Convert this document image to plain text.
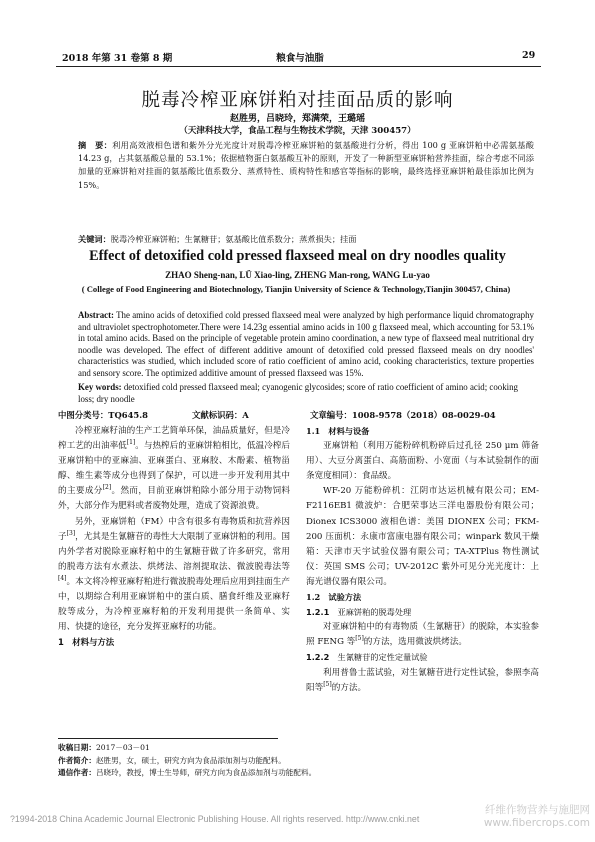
2018 年第 31 卷第 8 期	粮食与油脂	29
脱毒冷榨亚麻饼粕对挂面品质的影响
赵胜男，吕晓玲，郑满荣，王璐瑶
（天津科技大学，食品工程与生物技术学院，天津 300457）
摘　要：利用高效液相色谱和紫外分光光度计对脱毒冷榨亚麻饼粕的氨基酸进行分析，得出 100 g 亚麻饼粕中必需氨基酸 14.23 g，占其氨基酸总量的 53.1%；依据植物蛋白氨基酸互补的原则，开发了一种新型亚麻饼粕营养挂面，综合考虑不同添加量的亚麻饼粕对挂面的氨基酸比值系数分、蒸煮特性、质构特性和感官等指标的影响，最终选择亚麻饼粕最佳添加比例为 15%。
关键词：脱毒冷榨亚麻饼粕；生氰糖苷；氨基酸比值系数分；蒸煮损失；挂面
Effect of detoxified cold pressed flaxseed meal on dry noodles quality
ZHAO Sheng-nan, LÜ Xiao-ling, ZHENG Man-rong, WANG Lu-yao
( College of Food Engineering and Biotechnology, Tianjin University of Science & Technology,Tianjin 300457, China)
Abstract: The amino acids of detoxified cold pressed flaxseed meal were analyzed by high performance liquid chromatography and ultraviolet spectrophotometer.There were 14.23g essential amino acids in 100 g flaxseed meal, which accounting for 53.1% in total amino acids. Based on the principle of vegetable protein amino coordination, a new type of flaxseed meal nutritional dry noodle was developed. The effect of different additive amount of detoxified cold pressed flaxseed meals on dry noodles' characteristics was studied, which included score of ratio coefficient of amino acid, cooking characteristics, texture properties and sensory score. The optimized additive amount of pressed flaxseed was 15%.
Key words: detoxified cold pressed flaxseed meal; cyanogenic glycosides; score of ratio coefficient of amino acid; cooking loss; dry noodle
中图分类号：TQ645.8	文献标识码：A	文章编号：1008-9578（2018）08-0029-04

冷榨亚麻籽油的生产工艺简单环保，油品质量好，但是冷榨工艺的出油率低[1]。与热榨后的亚麻饼粕相比，低温冷榨后亚麻饼粕中的亚麻油、亚麻蛋白、亚麻胶、木酚素、植物甾醇、维生素等成分也得到了保护，可以进一步开发利用其中的主要成分[2]。然而，目前亚麻饼粕除小部分用于动物饲料外，大部分作为肥料或者废物处理，造成了资源浪费。

另外，亚麻饼粕（FM）中含有很多有毒物质和抗营养因子[3]，尤其是生氰糖苷的毒性大大限制了亚麻饼粕的利用。国内外学者对脱除亚麻籽粕中的生氰糖苷做了许多研究，常用的脱毒方法有水煮法、烘烤法、溶剂提取法、微波脱毒法等[4]。本文将冷榨亚麻籽粕进行微波脱毒处理后应用到挂面生产中，以期综合利用亚麻饼粕中的蛋白质、膳食纤维及亚麻籽胶等成分，为冷榨亚麻籽粕的开发利用提供一条简单、实用、快捷的途径，充分发挥亚麻籽的功能。

1　材料与方法

1.1　材料与设备

亚麻饼粕（利用万能粉碎机粉碎后过孔径 250 μm 筛备用）、大豆分离蛋白、高筋面粉、小宽面（与本试验制作的面条宽度相同）：食品级。

WF-20 万能粉碎机：江阴市达运机械有限公司；EM-F2116EB1 微波炉：合肥荣事达三洋电器股份有限公司；Dionex ICS3000 液相色谱：美国 DIONEX 公司；FKM-200 压面机：永康市富康电器有限公司；winpark 数风干燥箱：天津市天宇试验仪器有限公司；TA-XTPlus 物性测试仪：英国 SMS 公司；UV-2012C 紫外可见分光光度计：上海光谱仪器有限公司。

1.2　试验方法

1.2.1　 亚麻饼粕的脱毒处理

对亚麻饼粕中的有毒物质（生氰糖苷）的脱除，本实验参照 FENG 等[5]的方法，选用微波烘烤法。

1.2.2　 生氰糖苷的定性定量试验

利用普鲁士蓝试验，对生氰糖苷进行定性试验，参照李高阳等[5]的方法。

收稿日期：2017－03－01
作者简介：赵胜男，女，硕士，研究方向为食品添加剂与功能配料。
通信作者：吕晓玲，教授，博士生导师，研究方向为食品添加剂与功能配料。
?1994-2018 China Academic Journal Electronic Publishing House. All rights reserved. http://www.cnki.net
纤维作物营养与施肥网
www.fibercrops.com
